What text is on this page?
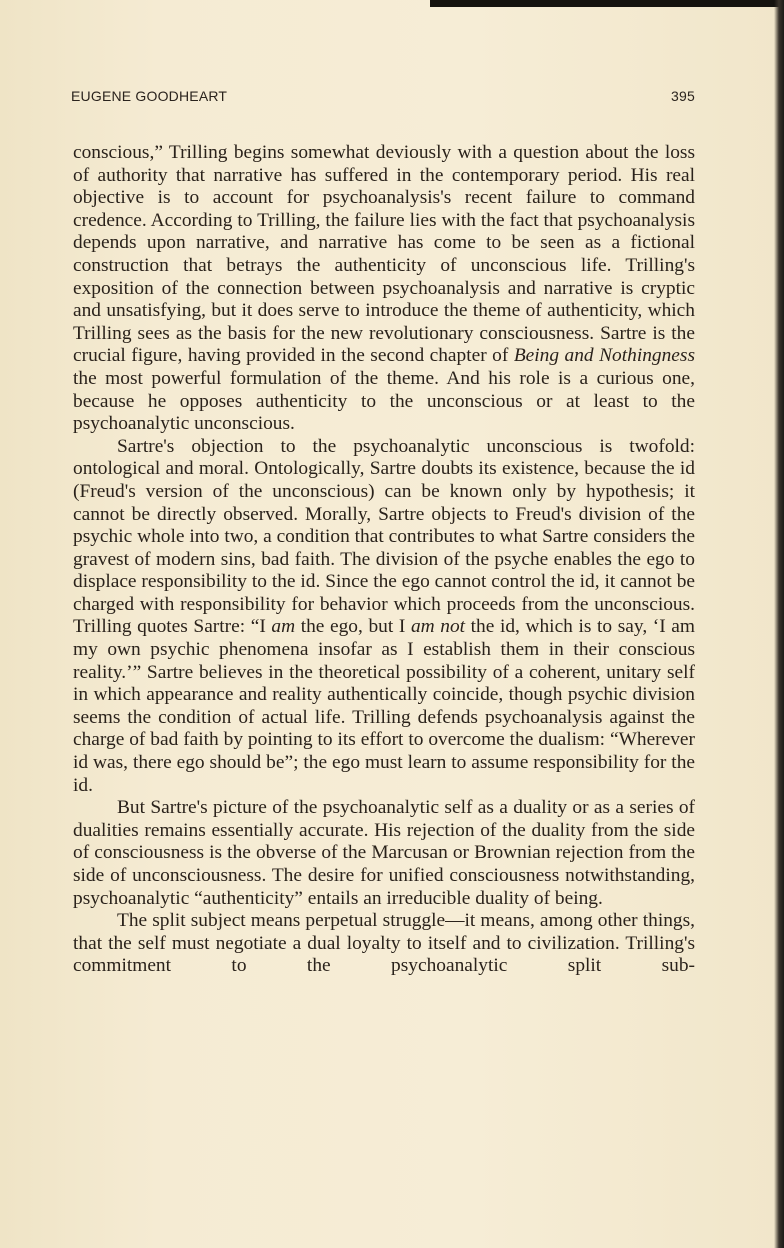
EUGENE GOODHEART	395

conscious,” Trilling begins somewhat deviously with a question about the loss of authority that narrative has suffered in the contemporary period. His real objective is to account for psychoanalysis's recent failure to command credence. According to Trilling, the failure lies with the fact that psychoanalysis depends upon narrative, and narrative has come to be seen as a fictional construction that betrays the authenticity of unconscious life. Trilling's exposition of the connection between psychoanalysis and narrative is cryptic and unsatisfying, but it does serve to introduce the theme of authenticity, which Trilling sees as the basis for the new revolutionary consciousness. Sartre is the crucial figure, having provided in the second chapter of Being and Nothingness the most powerful formulation of the theme. And his role is a curious one, because he opposes authenticity to the unconscious or at least to the psychoanalytic unconscious.

Sartre's objection to the psychoanalytic unconscious is twofold: ontological and moral. Ontologically, Sartre doubts its existence, because the id (Freud's version of the unconscious) can be known only by hypothesis; it cannot be directly observed. Morally, Sartre objects to Freud's division of the psychic whole into two, a condition that contributes to what Sartre considers the gravest of modern sins, bad faith. The division of the psyche enables the ego to displace responsibility to the id. Since the ego cannot control the id, it cannot be charged with responsibility for behavior which proceeds from the unconscious. Trilling quotes Sartre: “I am the ego, but I am not the id, which is to say, ‘I am my own psychic phenomena insofar as I establish them in their conscious reality.’” Sartre believes in the theoretical possibility of a coherent, unitary self in which appearance and reality authentically coincide, though psychic division seems the condition of actual life. Trilling defends psychoanalysis against the charge of bad faith by pointing to its effort to overcome the dualism: “Wherever id was, there ego should be”; the ego must learn to assume responsibility for the id.

But Sartre's picture of the psychoanalytic self as a duality or as a series of dualities remains essentially accurate. His rejection of the duality from the side of consciousness is the obverse of the Marcusan or Brownian rejection from the side of unconsciousness. The desire for unified consciousness notwithstanding, psychoanalytic “authenticity” entails an irreducible duality of being.

The split subject means perpetual struggle—it means, among other things, that the self must negotiate a dual loyalty to itself and to civilization. Trilling's commitment to the psychoanalytic split sub-
